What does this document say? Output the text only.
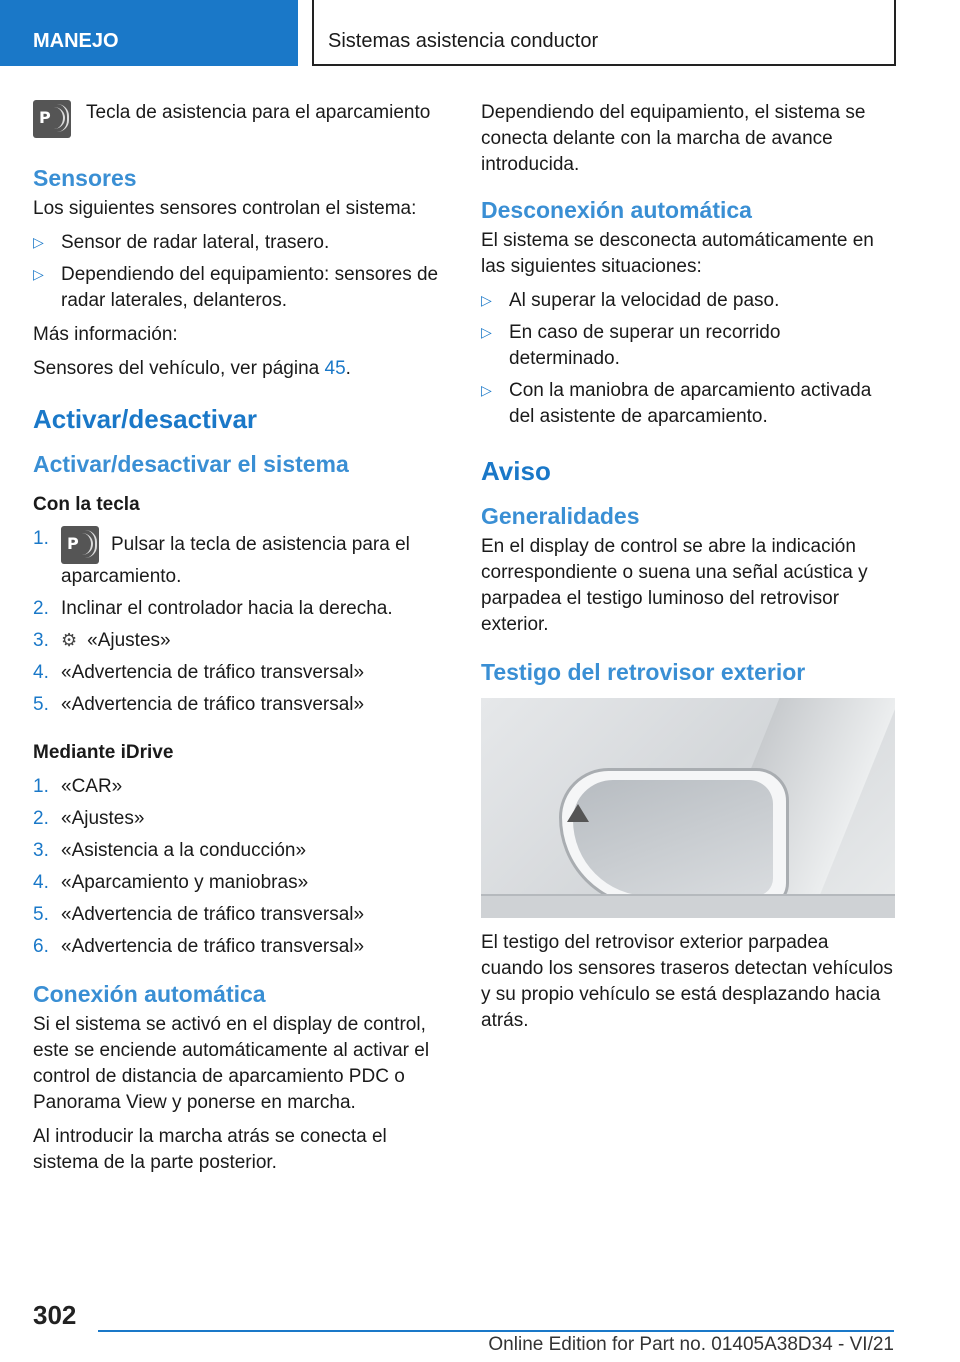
MANEJO	Sistemas asistencia conductor
P Tecla de asistencia para el aparcamiento
Sensores

Los siguientes sensores controlan el sistema:

▷ Sensor de radar lateral, trasero.
▷ Dependiendo del equipamiento: sensores de radar laterales, delanteros.

Más información:

Sensores del vehículo, ver página 45.

Activar/desactivar
Activar/desactivar el sistema
Con la tecla
1. P Pulsar la tecla de asistencia para el aparcamiento.
2. Inclinar el controlador hacia la derecha.
3. ⚙ «Ajustes»
4. «Advertencia de tráfico transversal»
5. «Advertencia de tráfico transversal»
Mediante iDrive
1. «CAR»
2. «Ajustes»
3. «Asistencia a la conducción»
4. «Aparcamiento y maniobras»
5. «Advertencia de tráfico transversal»
6. «Advertencia de tráfico transversal»
Conexión automática

Si el sistema se activó en el display de control, este se enciende automáticamente al activar el control de distancia de aparcamiento PDC o Panorama View y ponerse en marcha.

Al introducir la marcha atrás se conecta el sistema de la parte posterior.

Dependiendo del equipamiento, el sistema se conecta delante con la marcha de avance introducida.

Desconexión automática

El sistema se desconecta automáticamente en las siguientes situaciones:

▷ Al superar la velocidad de paso.
▷ En caso de superar un recorrido determinado.
▷ Con la maniobra de aparcamiento activada del asistente de aparcamiento.
Aviso
Generalidades

En el display de control se abre la indicación correspondiente o suena una señal acústica y parpadea el testigo luminoso del retrovisor exterior.

Testigo del retrovisor exterior

El testigo del retrovisor exterior parpadea cuando los sensores traseros detectan vehículos y su propio vehículo se está desplazando hacia atrás.

302
Online Edition for Part no. 01405A38D34 - VI/21
